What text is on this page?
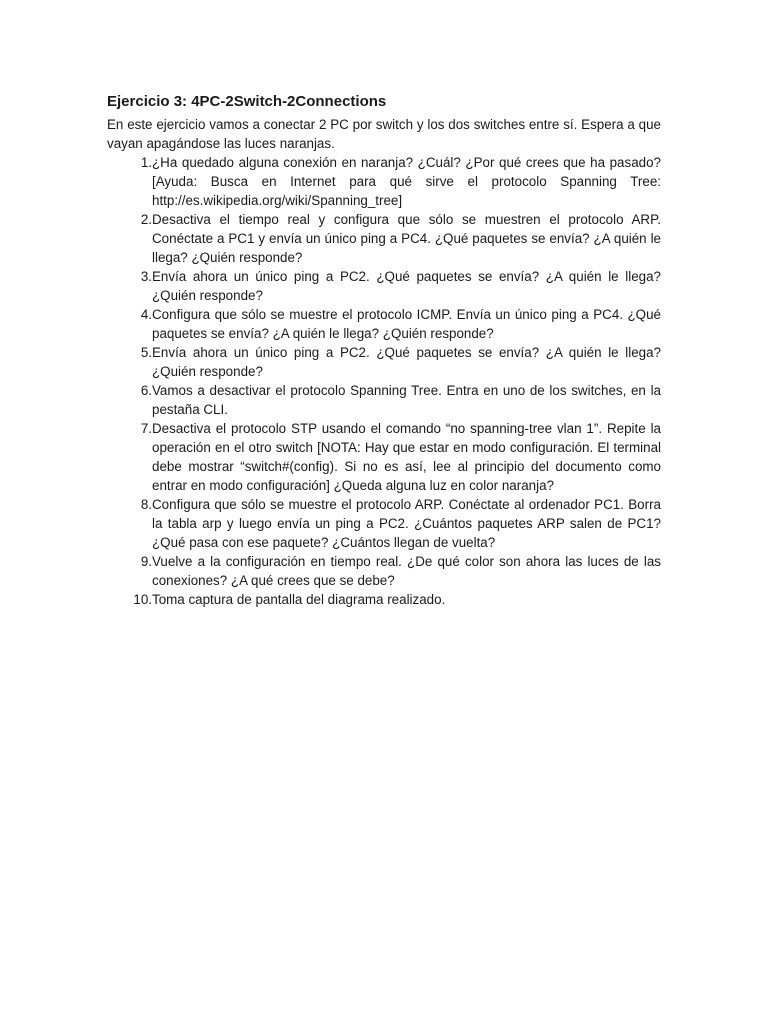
Ejercicio 3: 4PC-2Switch-2Connections

En este ejercicio vamos a conectar 2 PC por switch y los dos switches entre sí. Espera a que vayan apagándose las luces naranjas.

1. ¿Ha quedado alguna conexión en naranja? ¿Cuál? ¿Por qué crees que ha pasado? [Ayuda: Busca en Internet para qué sirve el protocolo Spanning Tree: http://es.wikipedia.org/wiki/Spanning_tree]
2. Desactiva el tiempo real y configura que sólo se muestren el protocolo ARP. Conéctate a PC1 y envía un único ping a PC4. ¿Qué paquetes se envía? ¿A quién le llega? ¿Quién responde?
3. Envía ahora un único ping a PC2. ¿Qué paquetes se envía? ¿A quién le llega? ¿Quién responde?
4. Configura que sólo se muestre el protocolo ICMP. Envía un único ping a PC4. ¿Qué paquetes se envía? ¿A quién le llega? ¿Quién responde?
5. Envía ahora un único ping a PC2. ¿Qué paquetes se envía? ¿A quién le llega? ¿Quién responde?
6. Vamos a desactivar el protocolo Spanning Tree. Entra en uno de los switches, en la pestaña CLI.
7. Desactiva el protocolo STP usando el comando “no spanning-tree vlan 1”. Repite la operación en el otro switch [NOTA: Hay que estar en modo configuración. El terminal debe mostrar “switch#(config). Si no es así, lee al principio del documento como entrar en modo configuración] ¿Queda alguna luz en color naranja?
8. Configura que sólo se muestre el protocolo ARP. Conéctate al ordenador PC1. Borra la tabla arp y luego envía un ping a PC2. ¿Cuántos paquetes ARP salen de PC1? ¿Qué pasa con ese paquete? ¿Cuántos llegan de vuelta?
9. Vuelve a la configuración en tiempo real. ¿De qué color son ahora las luces de las conexiones? ¿A qué crees que se debe?
10. Toma captura de pantalla del diagrama realizado.
